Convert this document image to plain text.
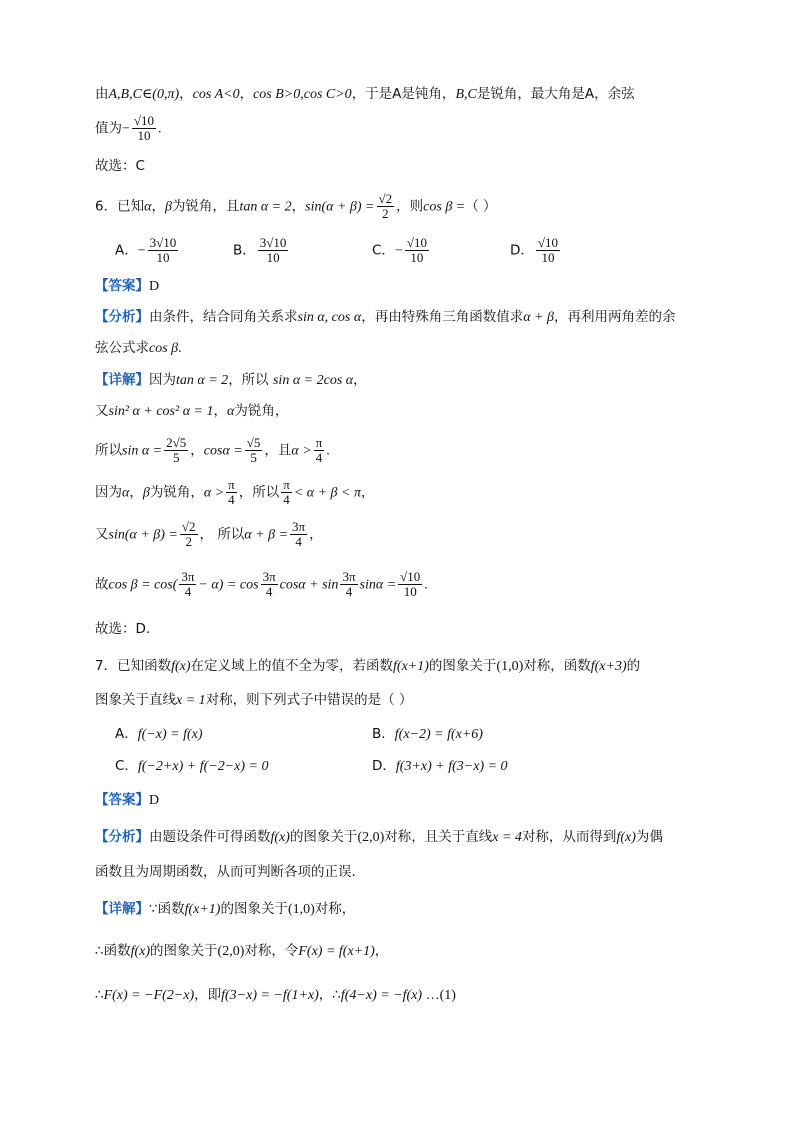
由A,B,C∈(0,π)，cos A<0，cos B>0,cos C>0，于是A是钝角，B,C是锐角，最大角是A，余弦
值为− $\frac{√10}{10}$ .
故选：C
6．已知α，β为锐角，且tan α = 2，$\sin(\alpha + \beta) = \frac{√2}{2}$ ，则cos β =（ ）
A．− $\frac{3√10}{10}$	B． $\frac{3√10}{10}$	C．− $\frac{√10}{10}$	D． $\frac{√10}{10}$
【答案】D
【分析】由条件，结合同角关系求sin α, cos α，再由特殊角三角函数值求α + β，再利用两角差的余
弦公式求cos β.
【详解】因为tan α = 2，所以 sin α = 2cos α，
又sin² α + cos² α = 1，α为锐角，
所以$\sin \alpha = \frac{2√5}{5}$ ，$\cos\alpha = \frac{√5}{5}$ ，且$\alpha > \frac{\pi}{4}$ .
因为α，β为锐角，$\alpha > \frac{\pi}{4}$ ，所以 $\frac{\pi}{4} < \alpha + \beta < \pi$，
又$\sin(\alpha + \beta) = \frac{√2}{2}$ ， 所以$\alpha + \beta = \frac{3\pi}{4}$ ，
故$\cos \beta = \cos( \frac{3\pi}{4} - \alpha) = \cos \frac{3\pi}{4}$ $\cos\alpha + \sin \frac{3\pi}{4}$ $\sin\alpha = \frac{√10}{10}$ .
故选：D.
7．已知函数f(x)在定义域上的值不全为零，若函数f(x+1)的图象关于(1,0)对称，函数f(x+3)的
图象关于直线x = 1对称，则下列式子中错误的是（ ）
A．f(−x) = f(x)	B．f(x−2) = f(x+6)
C．f(−2+x) + f(−2−x) = 0	D．f(3+x) + f(3−x) = 0
【答案】D
【分析】由题设条件可得函数f(x)的图象关于(2,0)对称，且关于直线x = 4对称，从而得到f(x)为偶
函数且为周期函数，从而可判断各项的正误.
【详解】∵函数f(x+1)的图象关于(1,0)对称，
∴函数f(x)的图象关于(2,0)对称，令F(x) = f(x+1)，
∴F(x) = −F(2−x)，即f(3−x) = −f(1+x)，∴f(4−x) = −f(x) …(1)
